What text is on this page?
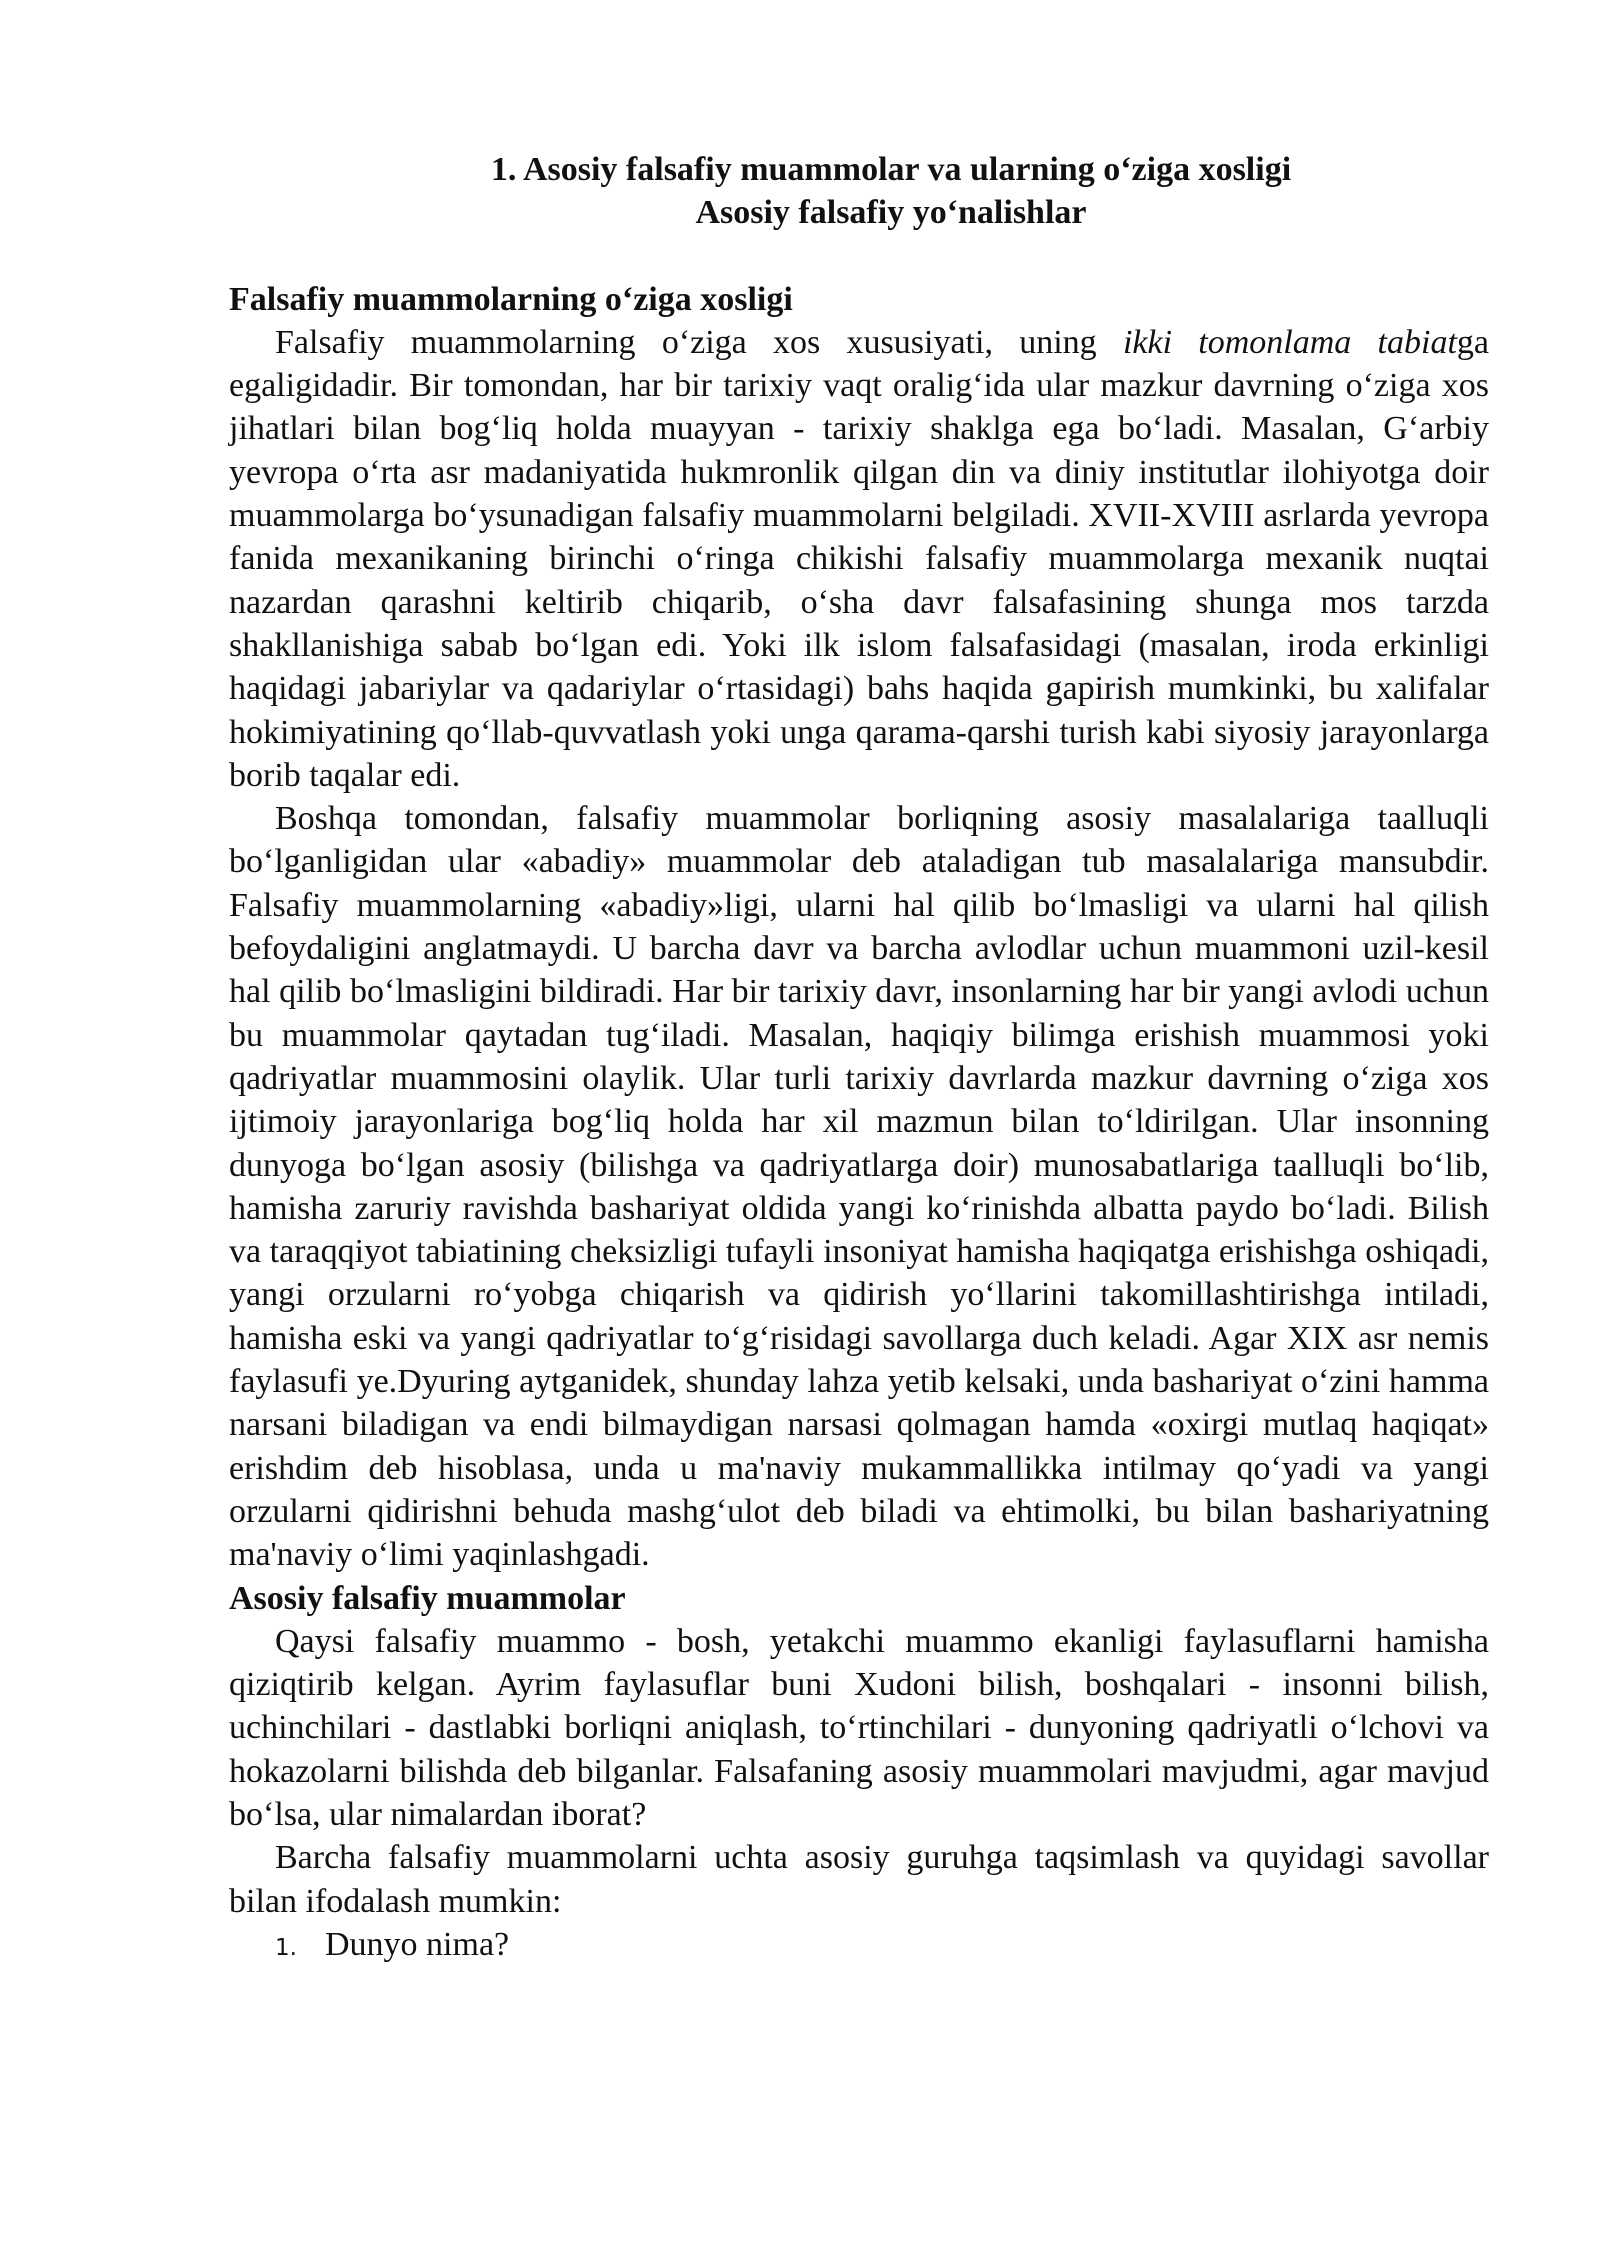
1. Asosiy falsafiy muammolar va ularning o‘ziga xosligi

Asosiy falsafiy yo‘nalishlar

Falsafiy muammolarning o‘ziga xosligi

Falsafiy muammolarning o‘ziga xos xususiyati, uning ikki tomonlama tabiatga egaligidadir. Bir tomondan, har bir tarixiy vaqt oralig‘ida ular mazkur davrning o‘ziga xos jihatlari bilan bog‘liq holda muayyan - tarixiy shaklga ega bo‘ladi. Masalan, G‘arbiy yevropa o‘rta asr madaniyatida hukmronlik qilgan din va diniy institutlar ilohiyotga doir muammolarga bo‘ysunadigan falsafiy muammolarni belgiladi. XVII-XVIII asrlarda yevropa fanida mexanikaning birinchi o‘ringa chikishi falsafiy muammolarga mexanik nuqtai nazardan qarashni keltirib chiqarib, o‘sha davr falsafasining shunga mos tarzda shakllanishiga sabab bo‘lgan edi. Yoki ilk islom falsafasidagi (masalan, iroda erkinligi haqidagi jabariylar va qadariylar o‘rtasidagi) bahs haqida gapirish mumkinki, bu xalifalar hokimiyatining qo‘llab-quvvatlash yoki unga qarama-qarshi turish kabi siyosiy jarayonlarga borib taqalar edi.

Boshqa tomondan, falsafiy muammolar borliqning asosiy masalalariga taalluqli bo‘lganligidan ular «abadiy» muammolar deb ataladigan tub masalalariga mansubdir. Falsafiy muammolarning «abadiy»ligi, ularni hal qilib bo‘lmasligi va ularni hal qilish befoydaligini anglatmaydi. U barcha davr va barcha avlodlar uchun muammoni uzil-kesil hal qilib bo‘lmasligini bildiradi. Har bir tarixiy davr, insonlarning har bir yangi avlodi uchun bu muammolar qaytadan tug‘iladi. Masalan, haqiqiy bilimga erishish muammosi yoki qadriyatlar muammosini olaylik. Ular turli tarixiy davrlarda mazkur davrning o‘ziga xos ijtimoiy jarayonlariga bog‘liq holda har xil mazmun bilan to‘ldirilgan. Ular insonning dunyoga bo‘lgan asosiy (bilishga va qadriyatlarga doir) munosabatlariga taalluqli bo‘lib, hamisha zaruriy ravishda bashariyat oldida yangi ko‘rinishda albatta paydo bo‘ladi. Bilish va taraqqiyot tabiatining cheksizligi tufayli insoniyat hamisha haqiqatga erishishga oshiqadi, yangi orzularni ro‘yobga chiqarish va qidirish yo‘llarini takomillashtirishga intiladi, hamisha eski va yangi qadriyatlar to‘g‘risidagi savollarga duch keladi. Agar XIX asr nemis faylasufi ye.Dyuring aytganidek, shunday lahza yetib kelsaki, unda bashariyat o‘zini hamma narsani biladigan va endi bilmaydigan narsasi qolmagan hamda «oxirgi mutlaq haqiqat» erishdim deb hisoblasa, unda u ma'naviy mukammallikka intilmay qo‘yadi va yangi orzularni qidirishni behuda mashg‘ulot deb biladi va ehtimolki, bu bilan bashariyatning ma'naviy o‘limi yaqinlashgadi.

Asosiy falsafiy muammolar

Qaysi falsafiy muammo - bosh, yetakchi muammo ekanligi faylasuflarni hamisha qiziqtirib kelgan. Ayrim faylasuflar buni Xudoni bilish, boshqalari - insonni bilish, uchinchilari - dastlabki borliqni aniqlash, to‘rtinchilari - dunyoning qadriyatli o‘lchovi va hokazolarni bilishda deb bilganlar. Falsafaning asosiy muammolari mavjudmi, agar mavjud bo‘lsa, ular nimalardan iborat?

Barcha falsafiy muammolarni uchta asosiy guruhga taqsimlash va quyidagi savollar bilan ifodalash mumkin:

1. Dunyo nima?
